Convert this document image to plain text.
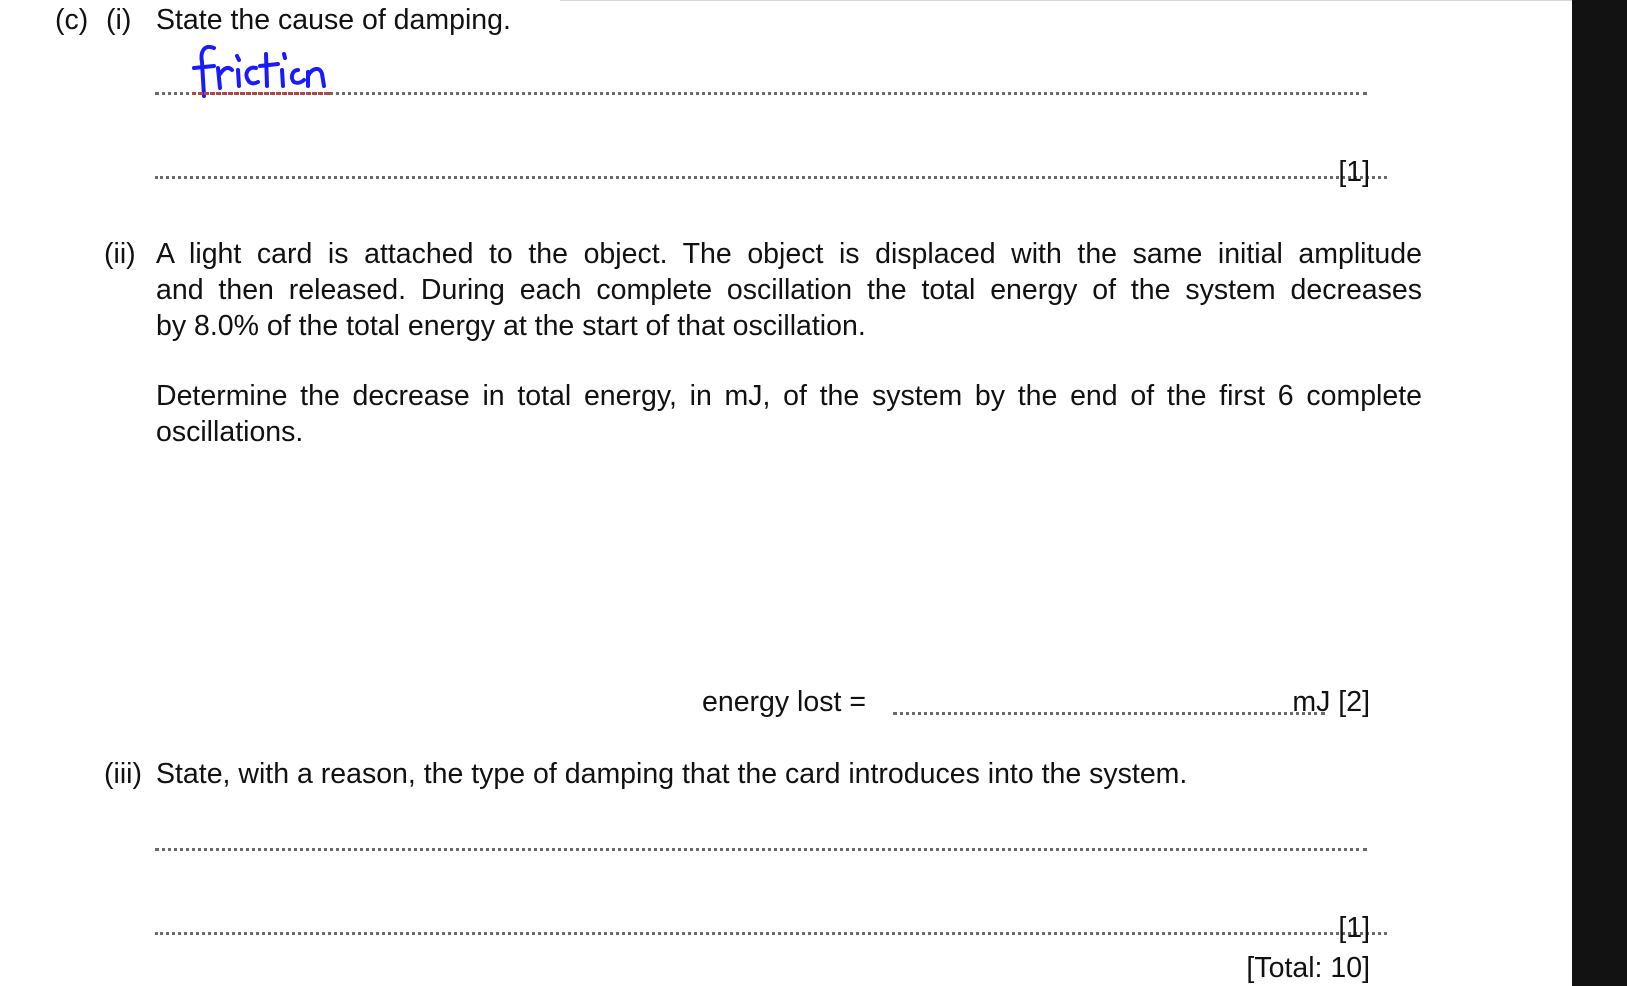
(c) (i) State the cause of damping.

[1]

(ii) A light card is attached to the object. The object is displaced with the same initial amplitude

and then released. During each complete oscillation the total energy of the system decreases

by 8.0% of the total energy at the start of that oscillation.

Determine the decrease in total energy, in mJ, of the system by the end of the first 6 complete

oscillations.

energy lost =	mJ [2]

(iii) State, with a reason, the type of damping that the card introduces into the system.

[1]

[Total: 10]
